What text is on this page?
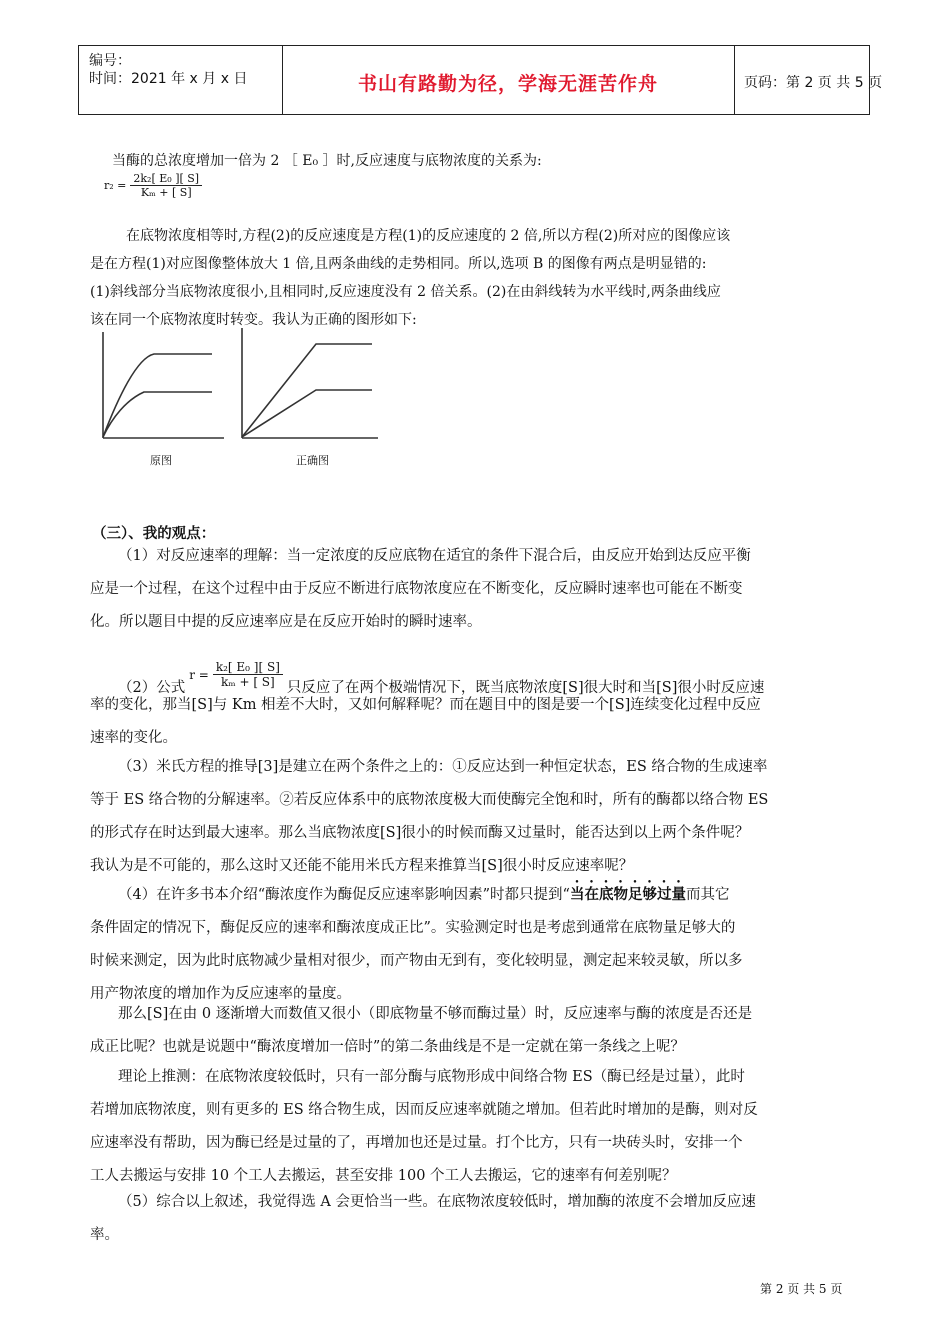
编号：
时间：2021 年 x 月 x 日	书山有路勤为径，学海无涯苦作舟	页码：第 2 页 共 5 页
当酶的总浓度增加一倍为 2 ［ E₀ ］时,反应速度与底物浓度的关系为:
$r_2 = \frac{\text{2k₂[ E₀ ][ S]}}{\text{Kₘ + [ S]}}$
在底物浓度相等时,方程(2)的反应速度是方程(1)的反应速度的 2 倍,所以方程(2)所对应的图像应该
是在方程(1)对应图像整体放大 1 倍,且两条曲线的走势相同。所以,选项 B 的图像有两点是明显错的:
(1)斜线部分当底物浓度很小,且相同时,反应速度没有 2 倍关系。(2)在由斜线转为水平线时,两条曲线应
该在同一个底物浓度时转变。我认为正确的图形如下:
原图	正确图
（三）、我的观点：
（1）对反应速率的理解：当一定浓度的反应底物在适宜的条件下混合后，由反应开始到达反应平衡
应是一个过程，在这个过程中由于反应不断进行底物浓度应在不断变化，反应瞬时速率也可能在不断变
化。所以题目中提的反应速率应是在反应开始时的瞬时速率。
（2）公式
$r = \frac{\text{k₂[ E₀ ][ S]}}{\text{kₘ + [ S]}}$ 只反应了在两个极端情况下，既当底物浓度[S]很大时和当[S]很小时反应速
率的变化，那当[S]与 Km 相差不大时，又如何解释呢？而在题目中的图是要一个[S]连续变化过程中反应
速率的变化。
（3）米氏方程的推导[3]是建立在两个条件之上的：①反应达到一种恒定状态，ES 络合物的生成速率
等于 ES 络合物的分解速率。②若反应体系中的底物浓度极大而使酶完全饱和时，所有的酶都以络合物 ES
的形式存在时达到最大速率。那么当底物浓度[S]很小的时候而酶又过量时，能否达到以上两个条件呢？
我认为是不可能的，那么这时又还能不能用米氏方程来推算当[S]很小时反应速率呢？
（4）在许多书本介绍“酶浓度作为酶促反应速率影响因素”时都只提到“当在底物足够过量而其它
条件固定的情况下，酶促反应的速率和酶浓度成正比”。实验测定时也是考虑到通常在底物量足够大的
时候来测定，因为此时底物减少量相对很少，而产物由无到有，变化较明显，测定起来较灵敏，所以多
用产物浓度的增加作为反应速率的量度。
那么[S]在由 0 逐渐增大而数值又很小（即底物量不够而酶过量）时，反应速率与酶的浓度是否还是
成正比呢？也就是说题中“酶浓度增加一倍时”的第二条曲线是不是一定就在第一条线之上呢？
理论上推测：在底物浓度较低时，只有一部分酶与底物形成中间络合物 ES（酶已经是过量），此时
若增加底物浓度，则有更多的 ES 络合物生成，因而反应速率就随之增加。但若此时增加的是酶，则对反
应速率没有帮助，因为酶已经是过量的了，再增加也还是过量。打个比方，只有一块砖头时，安排一个
工人去搬运与安排 10 个工人去搬运，甚至安排 100 个工人去搬运，它的速率有何差别呢？
（5）综合以上叙述，我觉得选 A 会更恰当一些。在底物浓度较低时，增加酶的浓度不会增加反应速
率。
第 2 页 共 5 页
